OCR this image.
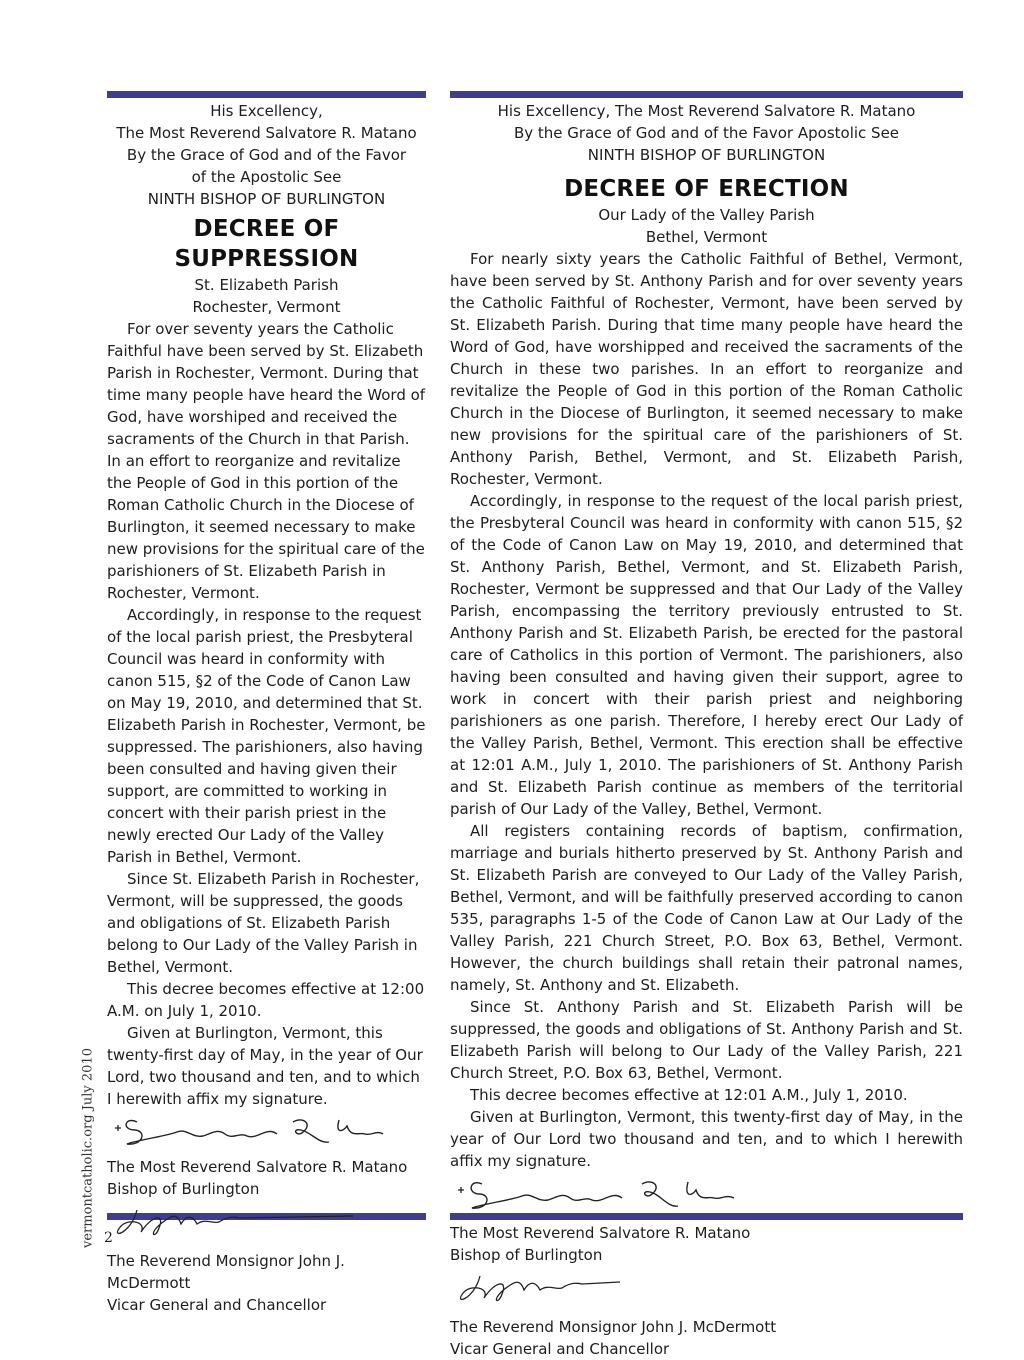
His Excellency,
The Most Reverend Salvatore R. Matano
By the Grace of God and of the Favor
of the Apostolic See
NINTH BISHOP OF BURLINGTON
DECREE OF SUPPRESSION
St. Elizabeth Parish
Rochester, Vermont

For over seventy years the Catholic Faithful have been served by St. Elizabeth Parish in Rochester, Vermont. During that time many people have heard the Word of God, have worshiped and received the sacraments of the Church in that Parish. In an effort to reorganize and revitalize the People of God in this portion of the Roman Catholic Church in the Diocese of Burlington, it seemed necessary to make new provisions for the spiritual care of the parishioners of St. Elizabeth Parish in Rochester, Vermont.

Accordingly, in response to the request of the local parish priest, the Presbyteral Council was heard in conformity with canon 515, §2 of the Code of Canon Law on May 19, 2010, and determined that St. Elizabeth Parish in Rochester, Vermont, be suppressed. The parishioners, also having been consulted and having given their support, are committed to working in concert with their parish priest in the newly erected Our Lady of the Valley Parish in Bethel, Vermont.

Since St. Elizabeth Parish in Rochester, Vermont, will be suppressed, the goods and obligations of St. Elizabeth Parish belong to Our Lady of the Valley Parish in Bethel, Vermont.

This decree becomes effective at 12:00 A.M. on July 1, 2010.

Given at Burlington, Vermont, this twenty-first day of May, in the year of Our Lord, two thousand and ten, and to which I herewith affix my signature.

The Most Reverend Salvatore R. Matano
Bishop of Burlington
The Reverend Monsignor John J. McDermott
Vicar General and Chancellor
His Excellency, The Most Reverend Salvatore R. Matano
By the Grace of God and of the Favor Apostolic See
NINTH BISHOP OF BURLINGTON
DECREE OF ERECTION
Our Lady of the Valley Parish
Bethel, Vermont

For nearly sixty years the Catholic Faithful of Bethel, Vermont, have been served by St. Anthony Parish and for over seventy years the Catholic Faithful of Rochester, Vermont, have been served by St. Elizabeth Parish. During that time many people have heard the Word of God, have worshipped and received the sacraments of the Church in these two parishes. In an effort to reorganize and revitalize the People of God in this portion of the Roman Catholic Church in the Diocese of Burlington, it seemed necessary to make new provisions for the spiritual care of the parishioners of St. Anthony Parish, Bethel, Vermont, and St. Elizabeth Parish, Rochester, Vermont.

Accordingly, in response to the request of the local parish priest, the Presbyteral Council was heard in conformity with canon 515, §2 of the Code of Canon Law on May 19, 2010, and determined that St. Anthony Parish, Bethel, Vermont, and St. Elizabeth Parish, Rochester, Vermont be suppressed and that Our Lady of the Valley Parish, encompassing the territory previously entrusted to St. Anthony Parish and St. Elizabeth Parish, be erected for the pastoral care of Catholics in this portion of Vermont. The parishioners, also having been consulted and having given their support, agree to work in concert with their parish priest and neighboring parishioners as one parish. Therefore, I hereby erect Our Lady of the Valley Parish, Bethel, Vermont. This erection shall be effective at 12:01 A.M., July 1, 2010. The parishioners of St. Anthony Parish and St. Elizabeth Parish continue as members of the territorial parish of Our Lady of the Valley, Bethel, Vermont.

All registers containing records of baptism, confirmation, marriage and burials hitherto preserved by St. Anthony Parish and St. Elizabeth Parish are conveyed to Our Lady of the Valley Parish, Bethel, Vermont, and will be faithfully preserved according to canon 535, paragraphs 1-5 of the Code of Canon Law at Our Lady of the Valley Parish, 221 Church Street, P.O. Box 63, Bethel, Vermont. However, the church buildings shall retain their patronal names, namely, St. Anthony and St. Elizabeth.

Since St. Anthony Parish and St. Elizabeth Parish will be suppressed, the goods and obligations of St. Anthony Parish and St. Elizabeth Parish will belong to Our Lady of the Valley Parish, 221 Church Street, P.O. Box 63, Bethel, Vermont.

This decree becomes effective at 12:01 A.M., July 1, 2010.

Given at Burlington, Vermont, this twenty-first day of May, in the year of Our Lord two thousand and ten, and to which I herewith affix my signature.

The Most Reverend Salvatore R. Matano
Bishop of Burlington
The Reverend Monsignor John J. McDermott
Vicar General and Chancellor
vermontcatholic.org July 2010 2
